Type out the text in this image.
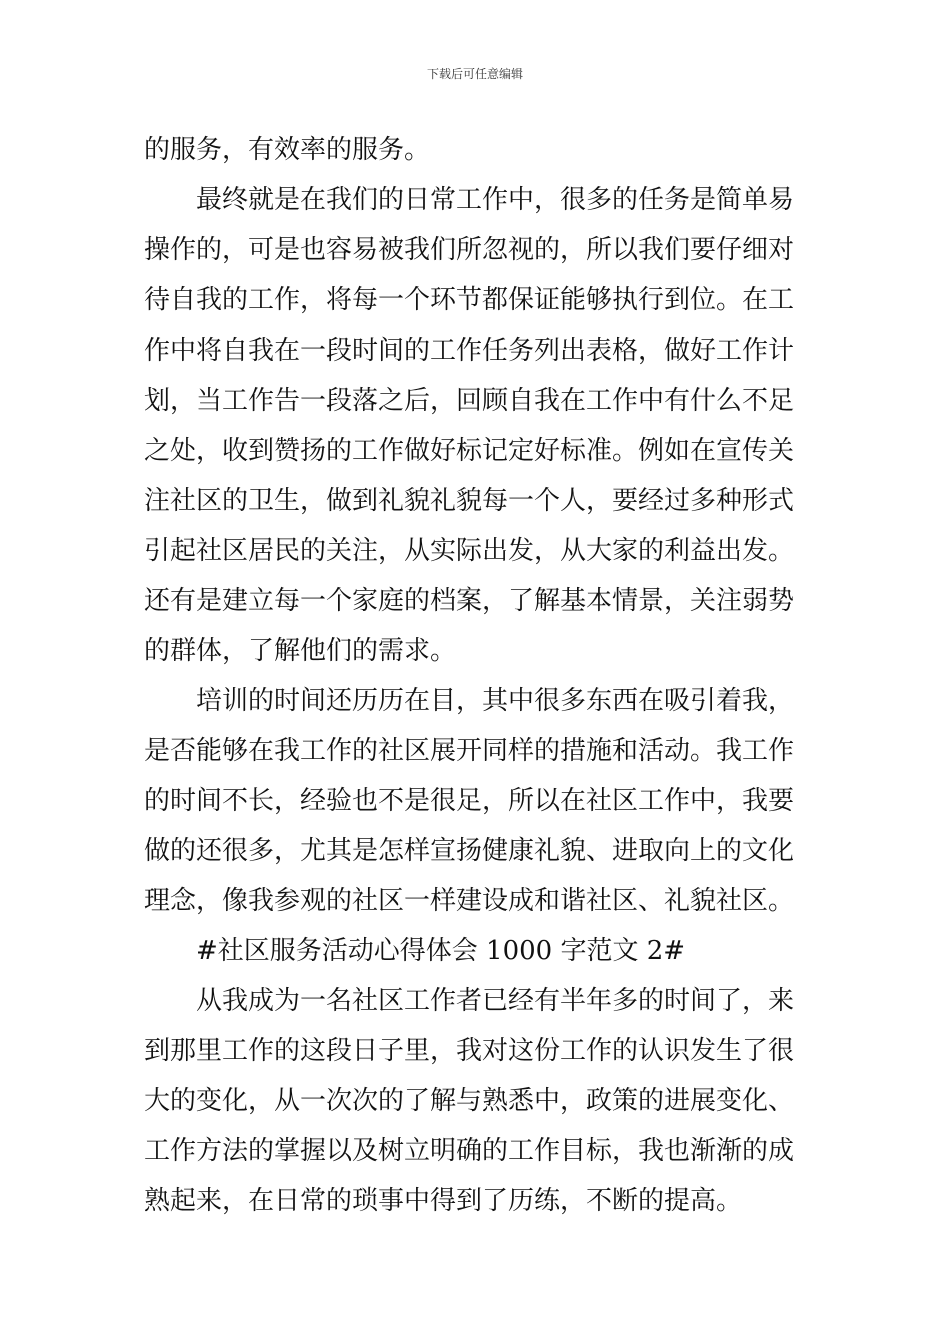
下载后可任意编辑
的服务，有效率的服务。
最终就是在我们的日常工作中，很多的任务是简单易
操作的，可是也容易被我们所忽视的，所以我们要仔细对
待自我的工作，将每一个环节都保证能够执行到位。在工
作中将自我在一段时间的工作任务列出表格，做好工作计
划，当工作告一段落之后，回顾自我在工作中有什么不足
之处，收到赞扬的工作做好标记定好标准。例如在宣传关
注社区的卫生，做到礼貌礼貌每一个人，要经过多种形式
引起社区居民的关注，从实际出发，从大家的利益出发。
还有是建立每一个家庭的档案，了解基本情景，关注弱势
的群体，了解他们的需求。
培训的时间还历历在目，其中很多东西在吸引着我，
是否能够在我工作的社区展开同样的措施和活动。我工作
的时间不长，经验也不是很足，所以在社区工作中，我要
做的还很多，尤其是怎样宣扬健康礼貌、进取向上的文化
理念，像我参观的社区一样建设成和谐社区、礼貌社区。
#社区服务活动心得体会 1000 字范文 2#
从我成为一名社区工作者已经有半年多的时间了，来
到那里工作的这段日子里，我对这份工作的认识发生了很
大的变化，从一次次的了解与熟悉中，政策的进展变化、
工作方法的掌握以及树立明确的工作目标，我也渐渐的成
熟起来，在日常的琐事中得到了历练，不断的提高。
